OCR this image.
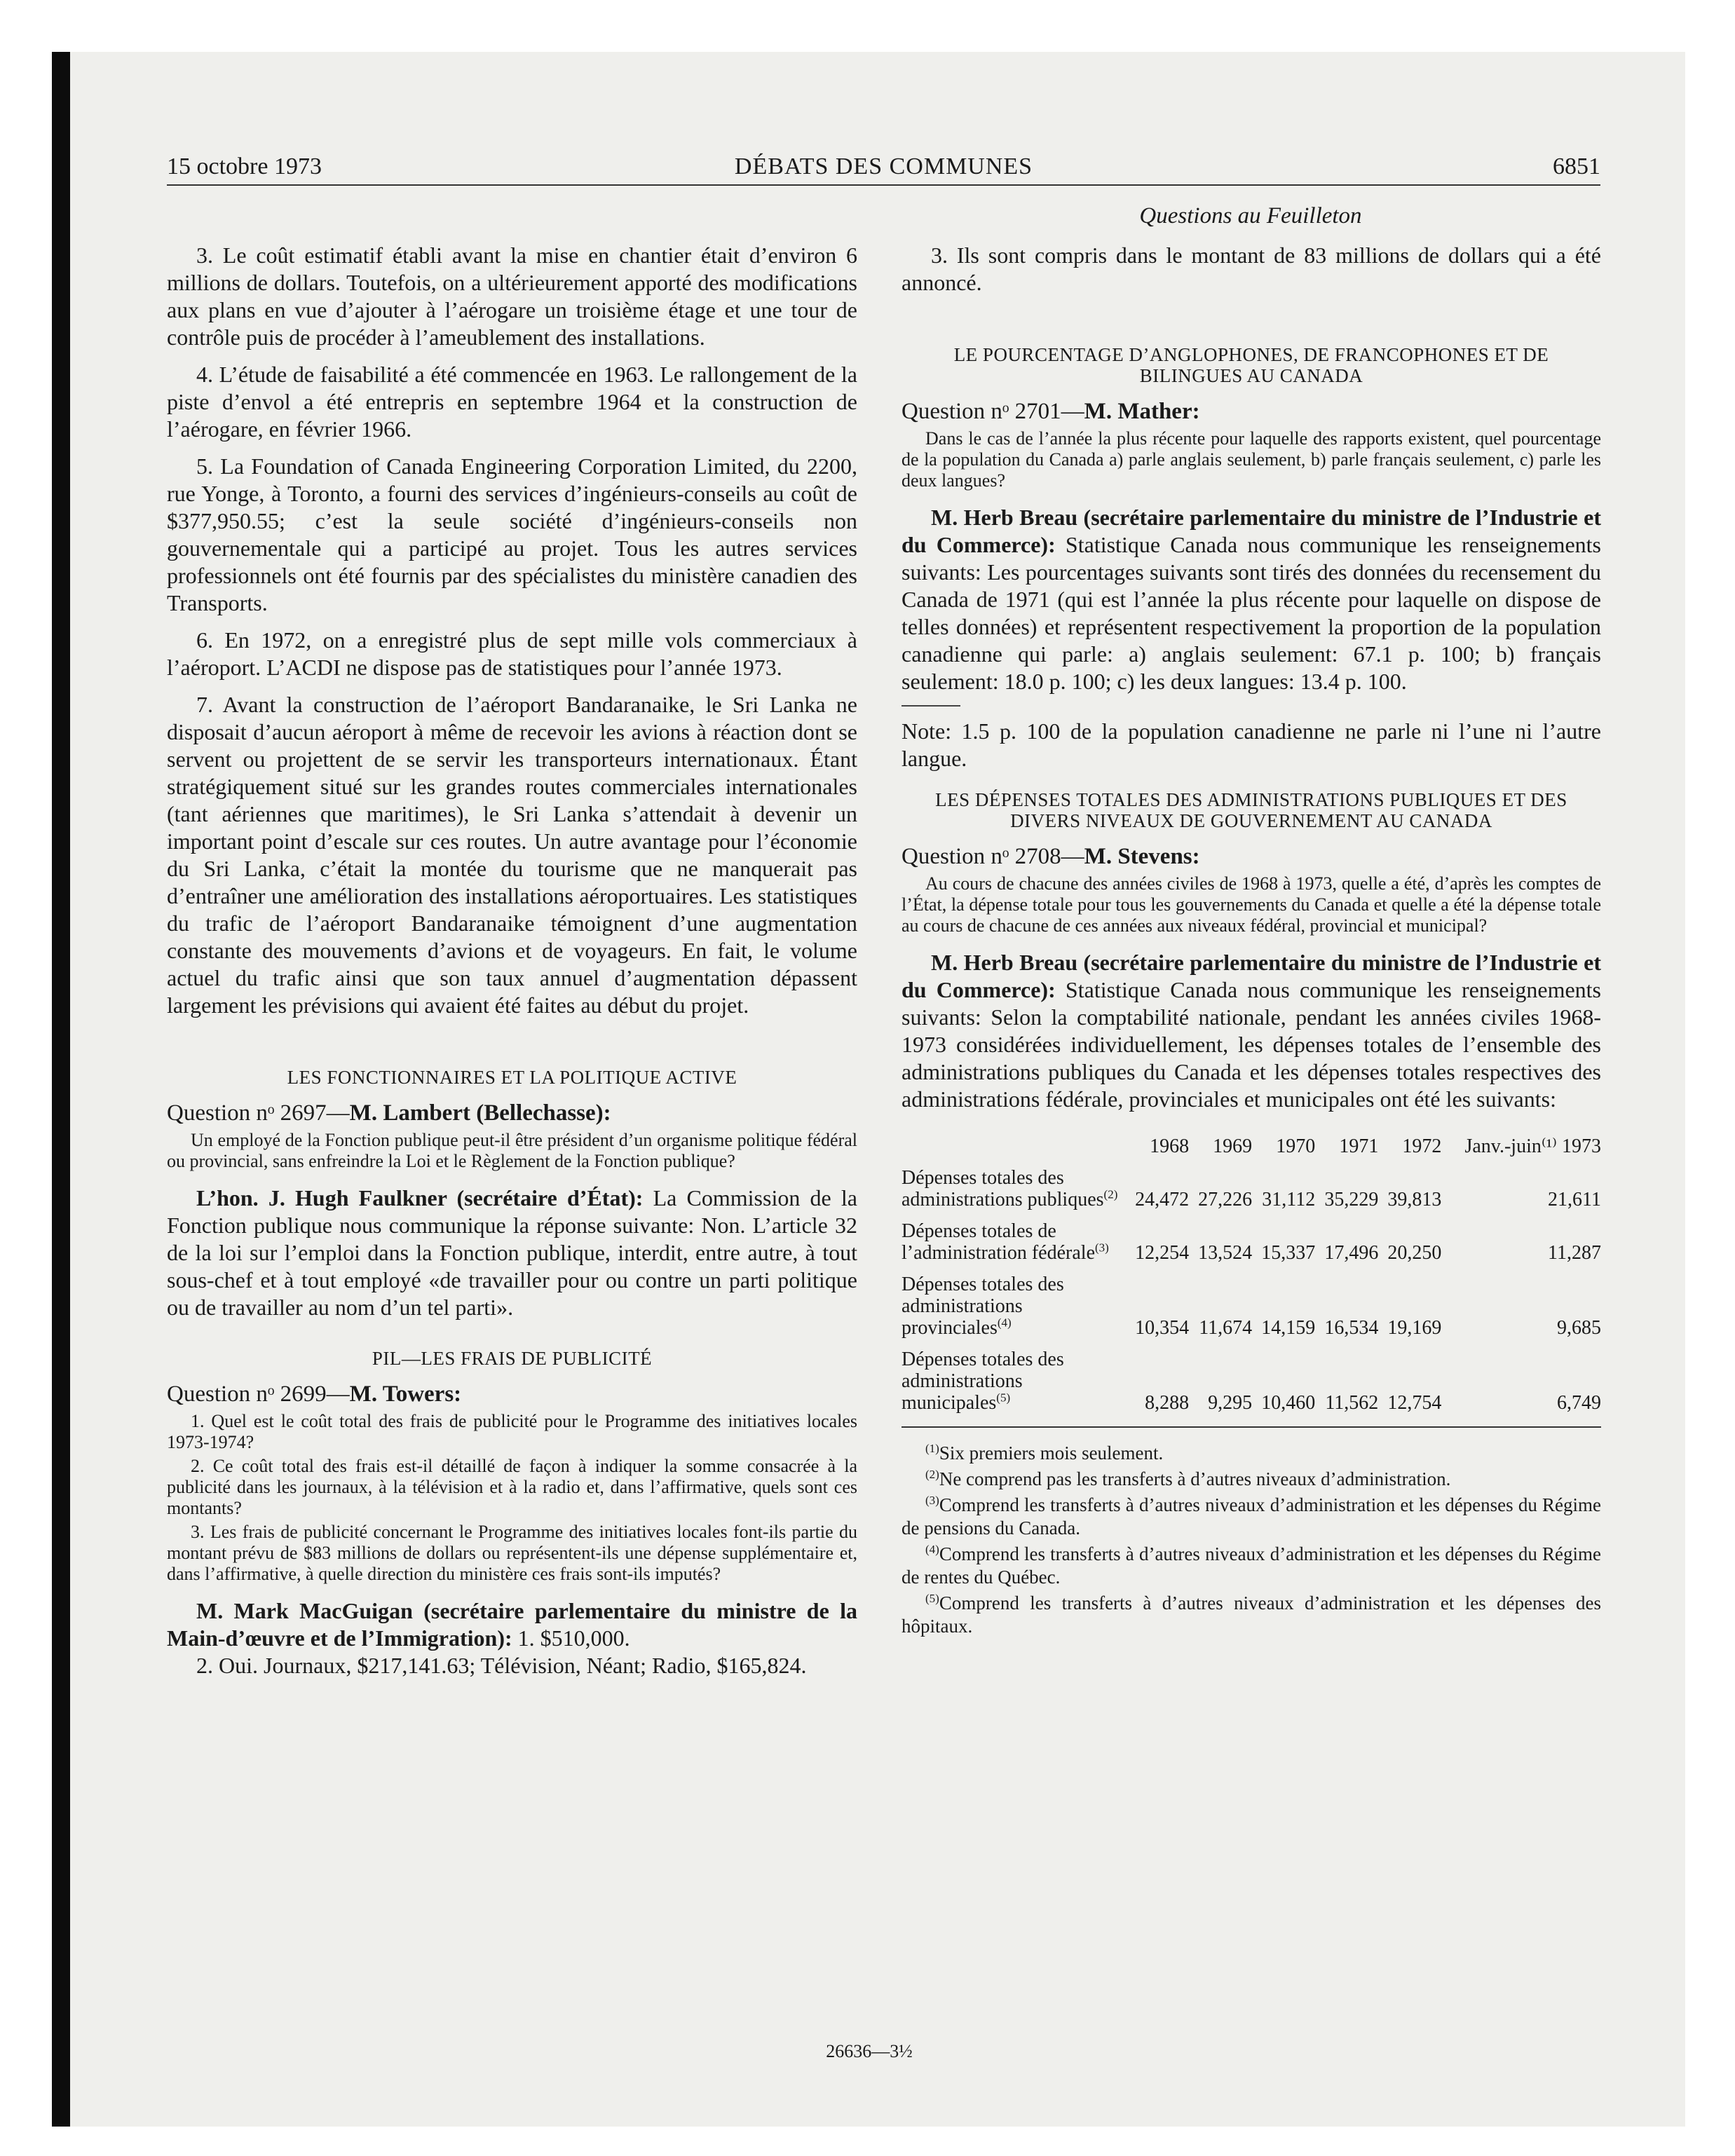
15 octobre 1973	DÉBATS DES COMMUNES	6851
Questions au Feuilleton

3. Le coût estimatif établi avant la mise en chantier était d’environ 6 millions de dollars. Toutefois, on a ultérieurement apporté des modifications aux plans en vue d’ajouter à l’aérogare un troisième étage et une tour de contrôle puis de procéder à l’ameublement des installations.

4. L’étude de faisabilité a été commencée en 1963. Le rallongement de la piste d’envol a été entrepris en septembre 1964 et la construction de l’aérogare, en février 1966.

5. La Foundation of Canada Engineering Corporation Limited, du 2200, rue Yonge, à Toronto, a fourni des services d’ingénieurs-conseils au coût de $377,950.55; c’est la seule société d’ingénieurs-conseils non gouvernementale qui a participé au projet. Tous les autres services professionnels ont été fournis par des spécialistes du ministère canadien des Transports.

6. En 1972, on a enregistré plus de sept mille vols commerciaux à l’aéroport. L’ACDI ne dispose pas de statistiques pour l’année 1973.

7. Avant la construction de l’aéroport Bandaranaike, le Sri Lanka ne disposait d’aucun aéroport à même de recevoir les avions à réaction dont se servent ou projettent de se servir les transporteurs internationaux. Étant stratégiquement situé sur les grandes routes commerciales internationales (tant aériennes que maritimes), le Sri Lanka s’attendait à devenir un important point d’escale sur ces routes. Un autre avantage pour l’économie du Sri Lanka, c’était la montée du tourisme que ne manquerait pas d’entraîner une amélioration des installations aéroportuaires. Les statistiques du trafic de l’aéroport Bandaranaike témoignent d’une augmentation constante des mouvements d’avions et de voyageurs. En fait, le volume actuel du trafic ainsi que son taux annuel d’augmentation dépassent largement les prévisions qui avaient été faites au début du projet.

LES FONCTIONNAIRES ET LA POLITIQUE ACTIVE
Question nᵒ 2697—M. Lambert (Bellechasse):

Un employé de la Fonction publique peut-il être président d’un organisme politique fédéral ou provincial, sans enfreindre la Loi et le Règlement de la Fonction publique?

L’hon. J. Hugh Faulkner (secrétaire d’État): La Commission de la Fonction publique nous communique la réponse suivante: Non. L’article 32 de la loi sur l’emploi dans la Fonction publique, interdit, entre autre, à tout sous-chef et à tout employé «de travailler pour ou contre un parti politique ou de travailler au nom d’un tel parti».

PIL—LES FRAIS DE PUBLICITÉ
Question nᵒ 2699—M. Towers:

1. Quel est le coût total des frais de publicité pour le Programme des initiatives locales 1973-1974?

2. Ce coût total des frais est-il détaillé de façon à indiquer la somme consacrée à la publicité dans les journaux, à la télévision et à la radio et, dans l’affirmative, quels sont ces montants?

3. Les frais de publicité concernant le Programme des initiatives locales font-ils partie du montant prévu de $83 millions de dollars ou représentent-ils une dépense supplémentaire et, dans l’affirmative, à quelle direction du ministère ces frais sont-ils imputés?

M. Mark MacGuigan (secrétaire parlementaire du ministre de la Main-d’œuvre et de l’Immigration): 1. $510,000.

2. Oui. Journaux, $217,141.63; Télévision, Néant; Radio, $165,824.

3. Ils sont compris dans le montant de 83 millions de dollars qui a été annoncé.

LE POURCENTAGE D’ANGLOPHONES, DE FRANCOPHONES ET DE BILINGUES AU CANADA
Question nᵒ 2701—M. Mather:

Dans le cas de l’année la plus récente pour laquelle des rapports existent, quel pourcentage de la population du Canada a) parle anglais seulement, b) parle français seulement, c) parle les deux langues?

M. Herb Breau (secrétaire parlementaire du ministre de l’Industrie et du Commerce): Statistique Canada nous communique les renseignements suivants: Les pourcentages suivants sont tirés des données du recensement du Canada de 1971 (qui est l’année la plus récente pour laquelle on dispose de telles données) et représentent respectivement la proportion de la population canadienne qui parle: a) anglais seulement: 67.1 p. 100; b) français seulement: 18.0 p. 100; c) les deux langues: 13.4 p. 100.

Note: 1.5 p. 100 de la population canadienne ne parle ni l’une ni l’autre langue.

LES DÉPENSES TOTALES DES ADMINISTRATIONS PUBLIQUES ET DES DIVERS NIVEAUX DE GOUVERNEMENT AU CANADA
Question nᵒ 2708—M. Stevens:

Au cours de chacune des années civiles de 1968 à 1973, quelle a été, d’après les comptes de l’État, la dépense totale pour tous les gouvernements du Canada et quelle a été la dépense totale au cours de chacune de ces années aux niveaux fédéral, provincial et municipal?

M. Herb Breau (secrétaire parlementaire du ministre de l’Industrie et du Commerce): Statistique Canada nous communique les renseignements suivants: Selon la comptabilité nationale, pendant les années civiles 1968-1973 considérées individuellement, les dépenses totales de l’ensemble des administrations publiques du Canada et les dépenses totales respectives des administrations fédérale, provinciales et municipales ont été les suivants:

	1968	1969	1970	1971	1972	Janv.-juin⁽¹⁾ 1973
Dépenses totales des administrations publiques$^{(2)}$	24,472	27,226	31,112	35,229	39,813	21,611
Dépenses totales de l’administration fédérale$^{(3)}$	12,254	13,524	15,337	17,496	20,250	11,287
Dépenses totales des administrations provinciales$^{(4)}$	10,354	11,674	14,159	16,534	19,169	9,685
Dépenses totales des administrations municipales$^{(5)}$	8,288	9,295	10,460	11,562	12,754	6,749

$^{(1)}$Six premiers mois seulement.

$^{(2)}$Ne comprend pas les transferts à d’autres niveaux d’administration.

$^{(3)}$Comprend les transferts à d’autres niveaux d’administration et les dépenses du Régime de pensions du Canada.

$^{(4)}$Comprend les transferts à d’autres niveaux d’administration et les dépenses du Régime de rentes du Québec.

$^{(5)}$Comprend les transferts à d’autres niveaux d’administration et les dépenses des hôpitaux.

26636—3½
